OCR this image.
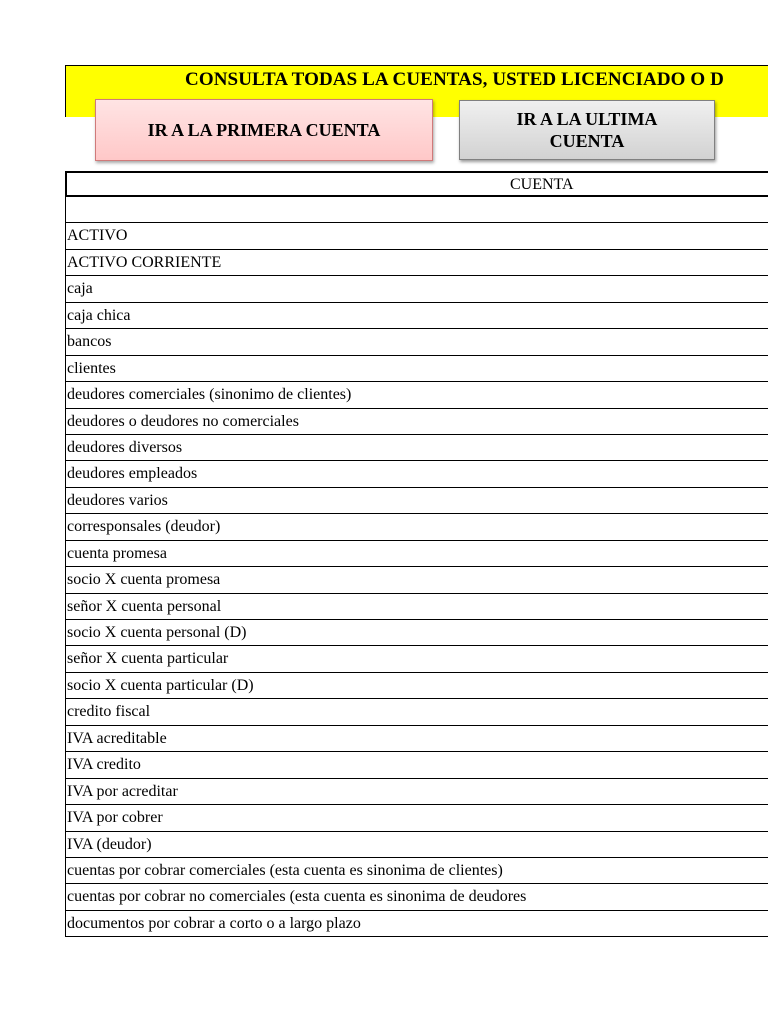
CONSULTA TODAS LA CUENTAS, USTED LICENCIADO O D
IR A LA PRIMERA CUENTA
IR A LA ULTIMA CUENTA
CUENTA
ACTIVO
ACTIVO CORRIENTE
caja
caja chica
bancos
clientes
deudores comerciales (sinonimo de clientes)
deudores o deudores no comerciales
deudores diversos
deudores empleados
deudores varios
corresponsales (deudor)
cuenta promesa
socio X cuenta promesa
señor X cuenta personal
socio X cuenta personal (D)
señor X cuenta particular
socio X cuenta particular (D)
credito fiscal
IVA acreditable
IVA credito
IVA por acreditar
IVA por cobrer
IVA (deudor)
cuentas por cobrar comerciales (esta cuenta es sinonima de clientes)
cuentas por cobrar no comerciales (esta cuenta es sinonima de deudores
documentos por cobrar a corto o a largo plazo
